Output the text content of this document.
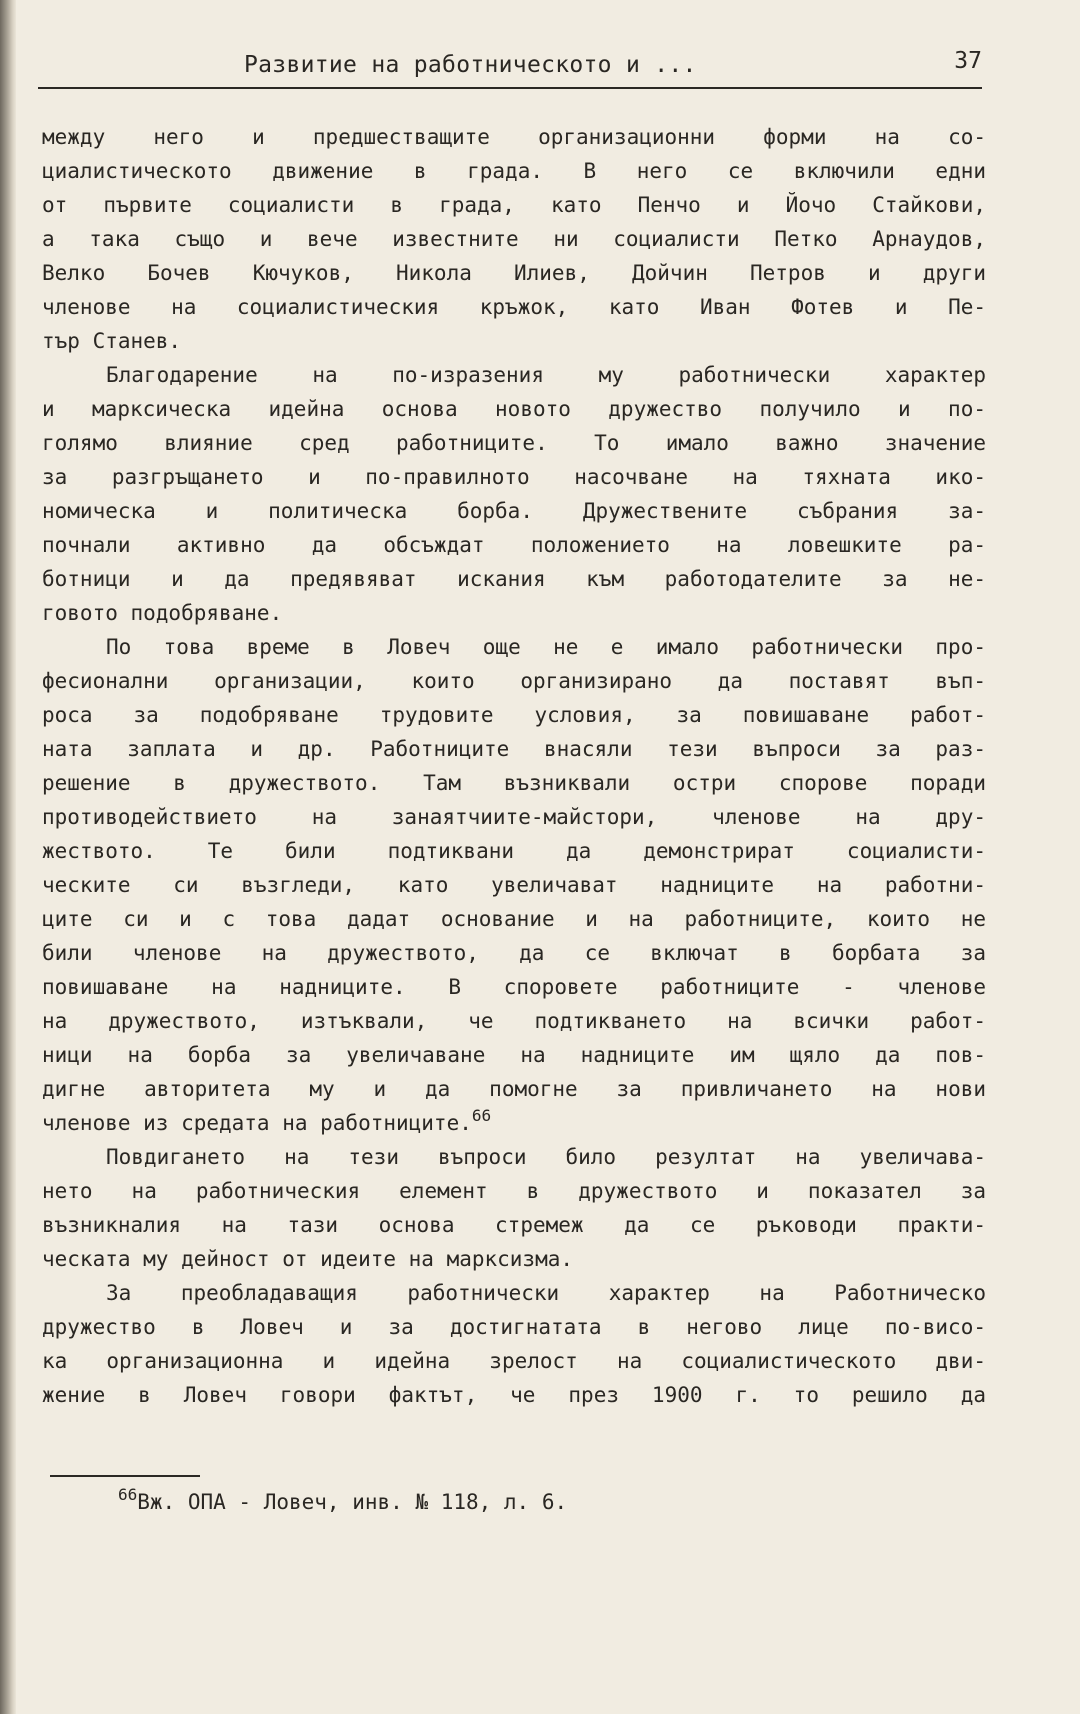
Развитие на работническото и ...	37
между него и предшестващите организационни форми на со-
циалистическото движение в града. В него се включили едни
от първите социалисти в града, като Пенчо и Йочо Стайкови,
а така също и вече известните ни социалисти Петко Арнаудов,
Велко Бочев Кючуков, Никола Илиев, Дойчин Петров и други
членове на социалистическия кръжок, като Иван Фотев и Пе-
тър Станев.
Благодарение на по-изразения му работнически характер
и марксическа идейна основа новото дружество получило и по-
голямо влияние сред работниците. То имало важно значение
за разгръщането и по-правилното насочване на тяхната ико-
номическа и политическа борба. Дружествените събрания за-
почнали активно да обсъждат положението на ловешките ра-
ботници и да предявяват искания към работодателите за не-
говото подобряване.
По това време в Ловеч още не е имало работнически про-
фесионални организации, които организирано да поставят въп-
роса за подобряване трудовите условия, за повишаване работ-
ната заплата и др. Работниците внасяли тези въпроси за раз-
решение в дружеството. Там възниквали остри спорове поради
противодействието на занаятчиите-майстори, членове на дру-
жеството. Те били подтиквани да демонстрират социалисти-
ческите си възгледи, като увеличават надниците на работни-
ците си и с това дадат основание и на работниците, които не
били членове на дружеството, да се включат в борбата за
повишаване на надниците. В споровете работниците - членове
на дружеството, изтъквали, че подтикването на всички работ-
ници на борба за увеличаване на надниците им щяло да пов-
дигне авторитета му и да помогне за привличането на нови
членове из средата на работниците.$^{66}$
Повдигането на тези въпроси било резултат на увеличава-
нето на работническия елемент в дружеството и показател за
възникналия на тази основа стремеж да се ръководи практи-
ческата му дейност от идеите на марксизма.
За преобладаващия работнически характер на Работническо
дружество в Ловеч и за достигнатата в негово лице по-висо-
ка организационна и идейна зрелост на социалистическото дви-
жение в Ловеч говори фактът, че през 1900 г. то решило да
$^{66}$Вж. ОПА - Ловеч, инв. № 118, л. 6.
